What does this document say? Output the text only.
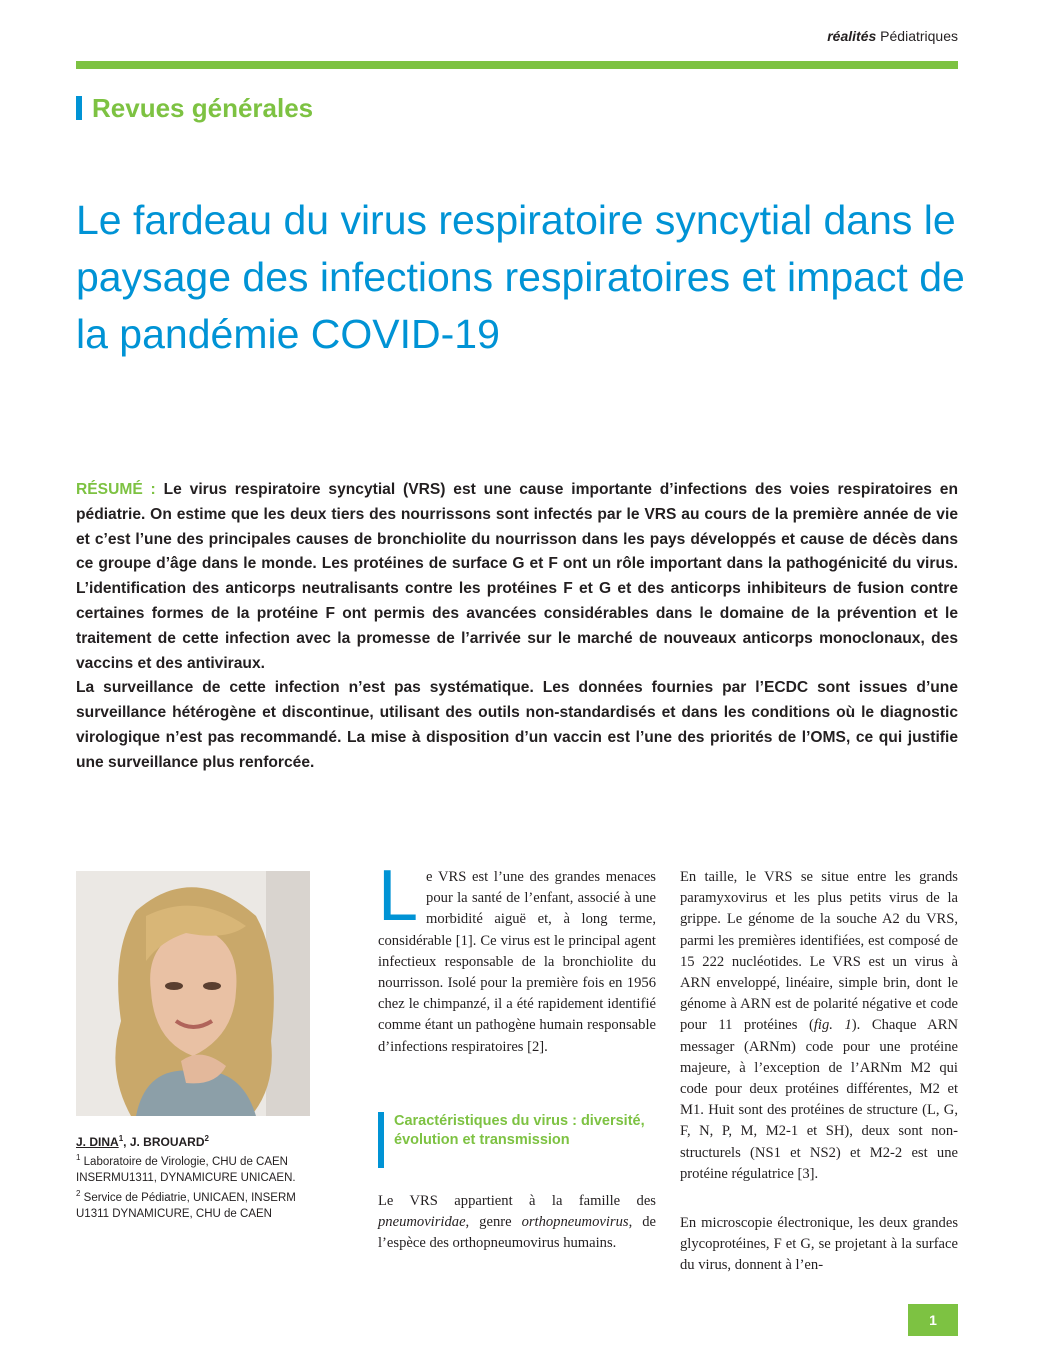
réalités Pédiatriques
Revues générales
Le fardeau du virus respiratoire syncytial dans le paysage des infections respiratoires et impact de la pandémie COVID-19

RÉSUMÉ : Le virus respiratoire syncytial (VRS) est une cause importante d’infections des voies respiratoires en pédiatrie. On estime que les deux tiers des nourrissons sont infectés par le VRS au cours de la première année de vie et c’est l’une des principales causes de bronchiolite du nourrisson dans les pays développés et cause de décès dans ce groupe d’âge dans le monde. Les protéines de surface G et F ont un rôle important dans la pathogénicité du virus. L’identification des anticorps neutralisants contre les protéines F et G et des anticorps inhibiteurs de fusion contre certaines formes de la protéine F ont permis des avancées considérables dans le domaine de la prévention et le traitement de cette infection avec la promesse de l’arrivée sur le marché de nouveaux anticorps monoclonaux, des vaccins et des antiviraux.

La surveillance de cette infection n’est pas systématique. Les données fournies par l’ECDC sont issues d’une surveillance hétérogène et discontinue, utilisant des outils non-standardisés et dans les conditions où le diagnostic virologique n’est pas recommandé. La mise à disposition d’un vaccin est l’une des priorités de l’OMS, ce qui justifie une surveillance plus renforcée.

J. DINA$^1$, J. BROUARD$^2$
$^1$ Laboratoire de Virologie, CHU de CAEN INSERMU1311, DYNAMICURE UNICAEN.
$^2$ Service de Pédiatrie, UNICAEN, INSERM U1311 DYNAMICURE, CHU de CAEN

Le VRS est l’une des grandes menaces pour la santé de l’enfant, associé à une morbidité aiguë et, à long terme, considérable [1]. Ce virus est le principal agent infectieux responsable de la bronchiolite du nourrisson. Isolé pour la première fois en 1956 chez le chimpanzé, il a été rapidement identifié comme étant un pathogène humain responsable d’infections respiratoires [2].

Caractéristiques du virus : diversité, évolution et transmission

Le VRS appartient à la famille des pneumoviridae, genre orthopneumovirus, de l’espèce des orthopneumovirus humains.

En taille, le VRS se situe entre les grands paramyxovirus et les plus petits virus de la grippe. Le génome de la souche A2 du VRS, parmi les premières identifiées, est composé de 15 222 nucléotides. Le VRS est un virus à ARN enveloppé, linéaire, simple brin, dont le génome à ARN est de polarité négative et code pour 11 protéines (fig. 1). Chaque ARN messager (ARNm) code pour une protéine majeure, à l’exception de l’ARNm M2 qui code pour deux protéines différentes, M2 et M1. Huit sont des protéines de structure (L, G, F, N, P, M, M2-1 et SH), deux sont non-structurels (NS1 et NS2) et M2-2 est une protéine régulatrice [3].

En microscopie électronique, les deux grandes glycoprotéines, F et G, se projetant à la surface du virus, donnent à l’en-

1
